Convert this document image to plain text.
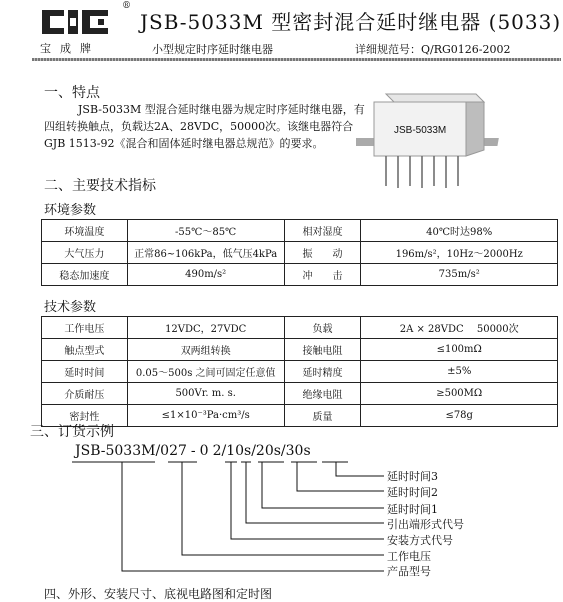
®
宝成牌
JSB-5033M 型密封混合延时继电器 (5033)
小型规定时序延时继电器	详细规范号：Q/RG0126-2002
一、特点
JSB-5033M 型混合延时继电器为规定时序延时继电器，有四组转换触点，负载达2A、28VDC，50000次。该继电器符合 GJB 1513-92《混合和固体延时继电器总规范》的要求。
JSB-5033M
二、主要技术指标
环境参数
环境温度	-55℃～85℃	相对湿度	40℃时达98%
大气压力	正常86~106kPa，低气压4kPa	振　　动	196m/s²，10Hz～2000Hz
稳态加速度	490m/s²	冲　　击	735m/s²
技术参数
工作电压	12VDC，27VDC	负载	2A × 28VDC　 50000次
触点型式	双两组转换	接触电阻	≤100mΩ
延时时间	0.05～500s 之间可固定任意值	延时精度	±5%
介质耐压	500Vr. m. s.	绝缘电阻	≥500MΩ
密封性	≤1×10⁻³Pa·cm³/s	质量	≤78g
三、订货示例
JSB-5033M/027 - 0 2/10s/20s/30s
延时时间3
延时时间2
延时时间1
引出端形式代号
安装方式代号
工作电压
产品型号
四、外形、安装尺寸、底视电路图和定时图
